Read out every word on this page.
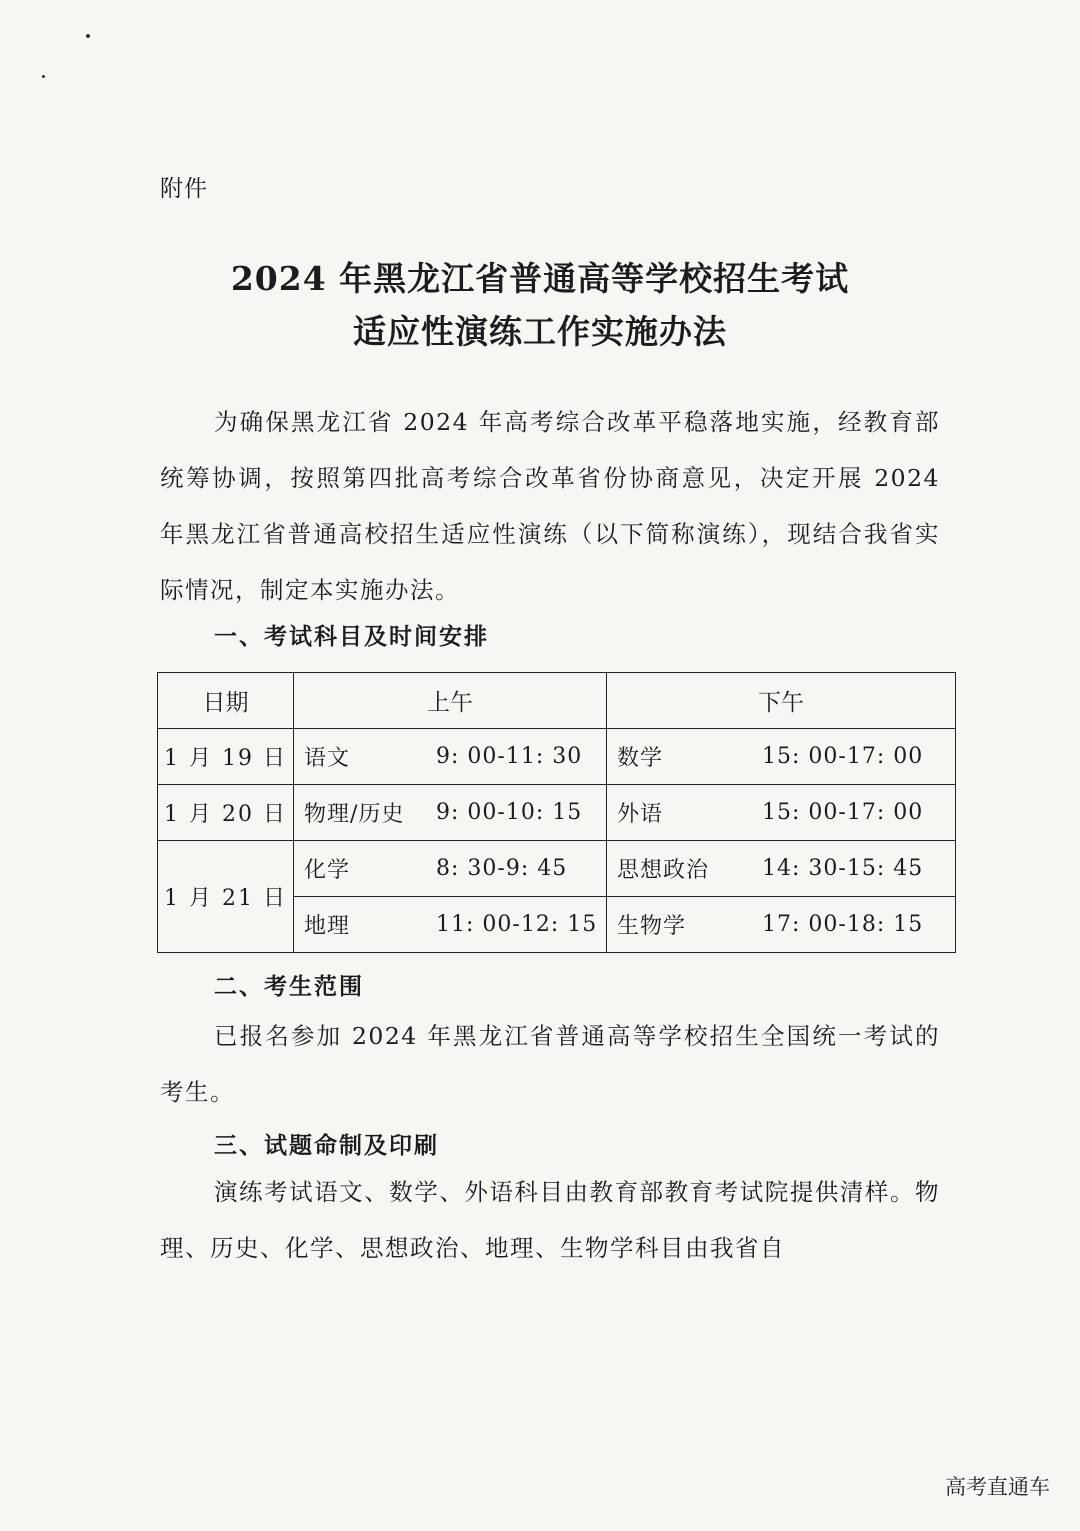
附件
2024 年黑龙江省普通高等学校招生考试
适应性演练工作实施办法
为确保黑龙江省 2024 年高考综合改革平稳落地实施，经教育部统筹协调，按照第四批高考综合改革省份协商意见，决定开展 2024 年黑龙江省普通高校招生适应性演练（以下简称演练），现结合我省实际情况，制定本实施办法。
一、考试科目及时间安排
日期	上午	下午
1 月 19 日	语文 9: 00-11: 30	数学 15: 00-17: 00

1 月 20 日	物理/历史 9: 00-10: 15	外语 15: 00-17: 00

1 月 21 日	化学 8: 30-9: 45	思想政治 14: 30-15: 45

	地理 11: 00-12: 15	生物学 17: 00-18: 15
二、考生范围
已报名参加 2024 年黑龙江省普通高等学校招生全国统一考试的考生。
三、试题命制及印刷
演练考试语文、数学、外语科目由教育部教育考试院提供清样。物理、历史、化学、思想政治、地理、生物学科目由我省自
高考直通车
